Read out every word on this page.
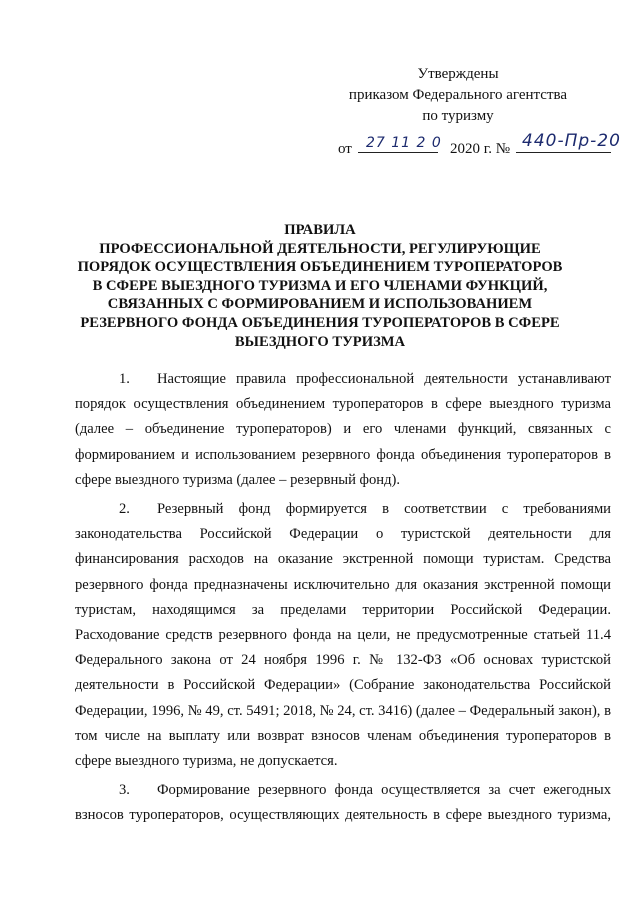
Утверждены
приказом Федерального агентства
по туризму
от 27 11 2 0 2020 г. № 440-Пр-20
ПРАВИЛА
ПРОФЕССИОНАЛЬНОЙ ДЕЯТЕЛЬНОСТИ, РЕГУЛИРУЮЩИЕ
ПОРЯДОК ОСУЩЕСТВЛЕНИЯ ОБЪЕДИНЕНИЕМ ТУРОПЕРАТОРОВ
В СФЕРЕ ВЫЕЗДНОГО ТУРИЗМА И ЕГО ЧЛЕНАМИ ФУНКЦИЙ,
СВЯЗАННЫХ С ФОРМИРОВАНИЕМ И ИСПОЛЬЗОВАНИЕМ
РЕЗЕРВНОГО ФОНДА ОБЪЕДИНЕНИЯ ТУРОПЕРАТОРОВ В СФЕРЕ
ВЫЕЗДНОГО ТУРИЗМА

1. Настоящие правила профессиональной деятельности устанавливают порядок осуществления объединением туроператоров в сфере выездного туризма (далее – объединение туроператоров) и его членами функций, связанных с формированием и использованием резервного фонда объединения туроператоров в сфере выездного туризма (далее – резервный фонд).

2. Резервный фонд формируется в соответствии с требованиями законодательства Российской Федерации о туристской деятельности для финансирования расходов на оказание экстренной помощи туристам. Средства резервного фонда предназначены исключительно для оказания экстренной помощи туристам, находящимся за пределами территории Российской Федерации. Расходование средств резервного фонда на цели, не предусмотренные статьей 11.4 Федерального закона от 24 ноября 1996 г. № 132-ФЗ «Об основах туристской деятельности в Российской Федерации» (Собрание законодательства Российской Федерации, 1996, № 49, ст. 5491; 2018, № 24, ст. 3416) (далее – Федеральный закон), в том числе на выплату или возврат взносов членам объединения туроператоров в сфере выездного туризма, не допускается.

3. Формирование резервного фонда осуществляется за счет ежегодных взносов туроператоров, осуществляющих деятельность в сфере выездного туризма,
